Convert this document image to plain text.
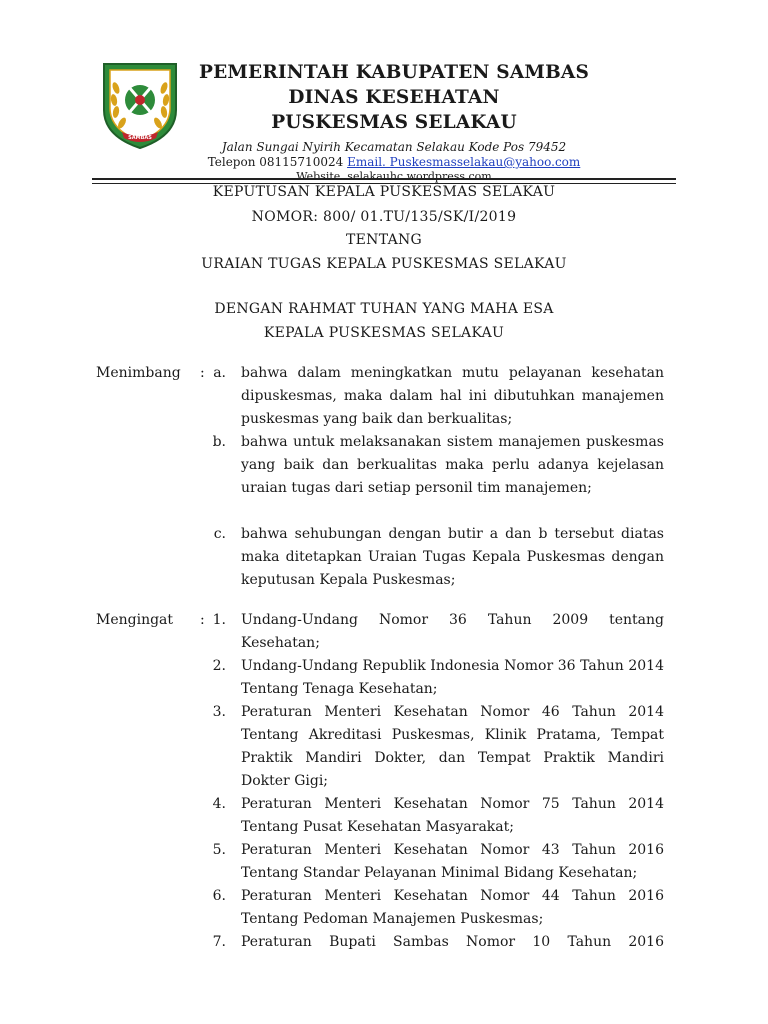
SAMBAS
PEMERINTAH KABUPATEN SAMBAS
DINAS KESEHATAN
PUSKESMAS SELAKAU
Jalan Sungai Nyirih Kecamatan Selakau Kode Pos 79452
Telepon 08115710024 Email. Puskesmasselakau@yahoo.com
Website. selakauhc.wordpress.com
KEPUTUSAN KEPALA PUSKESMAS SELAKAU
NOMOR: 800/ 01.TU/135/SK/I/2019
TENTANG
URAIAN TUGAS KEPALA PUSKESMAS SELAKAU
DENGAN RAHMAT TUHAN YANG MAHA ESA
KEPALA PUSKESMAS SELAKAU
Menimbang : a. bahwa dalam meningkatkan mutu pelayanan kesehatan dipuskesmas, maka dalam hal ini dibutuhkan manajemen puskesmas yang baik dan berkualitas;
b. bahwa untuk melaksanakan sistem manajemen puskesmas yang baik dan berkualitas maka perlu adanya kejelasan uraian tugas dari setiap personil tim manajemen;
c. bahwa sehubungan dengan butir a dan b tersebut diatas maka ditetapkan Uraian Tugas Kepala Puskesmas dengan keputusan Kepala Puskesmas;
Mengingat : 1. Undang-Undang Nomor 36 Tahun 2009 tentang Kesehatan;
2. Undang-Undang Republik Indonesia Nomor 36 Tahun 2014 Tentang Tenaga Kesehatan;
3. Peraturan Menteri Kesehatan Nomor 46 Tahun 2014 Tentang Akreditasi Puskesmas, Klinik Pratama, Tempat Praktik Mandiri Dokter, dan Tempat Praktik Mandiri Dokter Gigi;
4. Peraturan Menteri Kesehatan Nomor 75 Tahun 2014 Tentang Pusat Kesehatan Masyarakat;
5. Peraturan Menteri Kesehatan Nomor 43 Tahun 2016 Tentang Standar Pelayanan Minimal Bidang Kesehatan;
6. Peraturan Menteri Kesehatan Nomor 44 Tahun 2016 Tentang Pedoman Manajemen Puskesmas;
7. Peraturan Bupati Sambas Nomor 10 Tahun 2016
